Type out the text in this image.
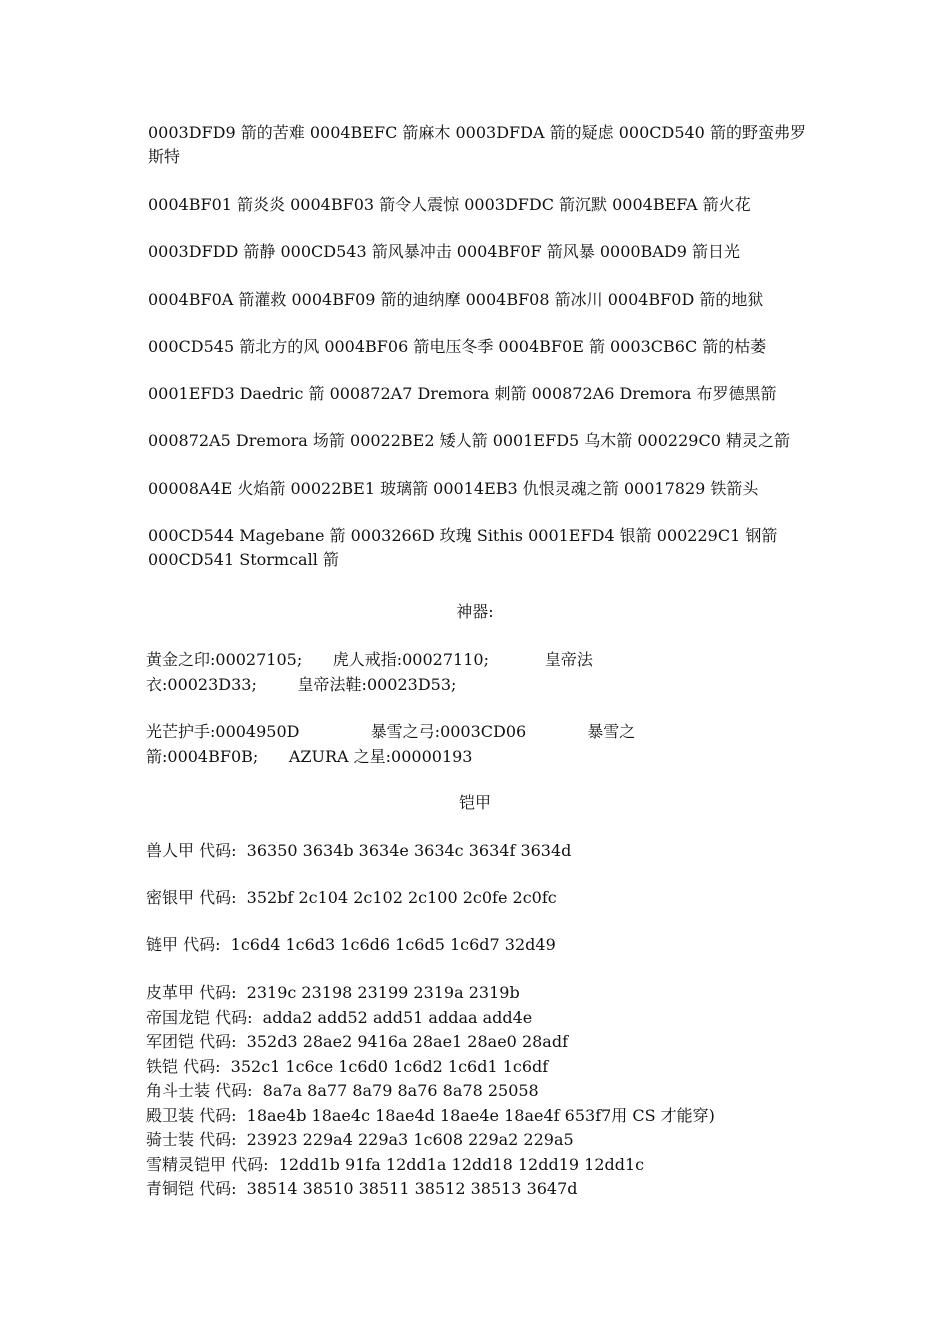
0003DFD9 箭的苦难 0004BEFC 箭麻木 0003DFDA 箭的疑虑 000CD540 箭的野蛮弗罗斯特

0004BF01 箭炎炎 0004BF03 箭令人震惊 0003DFDC 箭沉默 0004BEFA 箭火花

0003DFDD 箭静 000CD543 箭风暴冲击 0004BF0F 箭风暴 0000BAD9 箭日光

0004BF0A 箭灌救 0004BF09 箭的迪纳摩 0004BF08 箭冰川 0004BF0D 箭的地狱

000CD545 箭北方的风 0004BF06 箭电压冬季 0004BF0E 箭 0003CB6C 箭的枯萎

0001EFD3 Daedric 箭 000872A7 Dremora 刺箭 000872A6 Dremora 布罗德黑箭

000872A5 Dremora 场箭 00022BE2 矮人箭 0001EFD5 乌木箭 000229C0 精灵之箭

00008A4E 火焰箭 00022BE1 玻璃箭 00014EB3 仇恨灵魂之箭 00017829 铁箭头

000CD544 Magebane 箭 0003266D 玫瑰 Sithis 0001EFD4 银箭 000229C1 钢箭 000CD541 Stormcall 箭

神器:

黄金之印:00027105;      虎人戒指:00027110;           皇帝法

衣:00023D33;        皇帝法鞋:00023D53;

光芒护手:0004950D              暴雪之弓:0003CD06            暴雪之

箭:0004BF0B;      AZURA 之星:00000193

铠甲

兽人甲 代码:  36350 3634b 3634e 3634c 3634f 3634d

密银甲 代码:  352bf 2c104 2c102 2c100 2c0fe 2c0fc

链甲 代码:  1c6d4 1c6d3 1c6d6 1c6d5 1c6d7 32d49

皮革甲 代码:  2319c 23198 23199 2319a 2319b

帝国龙铠 代码:  adda2 add52 add51 addaa add4e

军团铠 代码:  352d3 28ae2 9416a 28ae1 28ae0 28adf

铁铠 代码:  352c1 1c6ce 1c6d0 1c6d2 1c6d1 1c6df

角斗士装 代码:  8a7a 8a77 8a79 8a76 8a78 25058

殿卫装 代码:  18ae4b 18ae4c 18ae4d 18ae4e 18ae4f 653f7用 CS 才能穿)

骑士装 代码:  23923 229a4 229a3 1c608 229a2 229a5

雪精灵铠甲 代码:  12dd1b 91fa 12dd1a 12dd18 12dd19 12dd1c

青铜铠 代码:  38514 38510 38511 38512 38513 3647d
